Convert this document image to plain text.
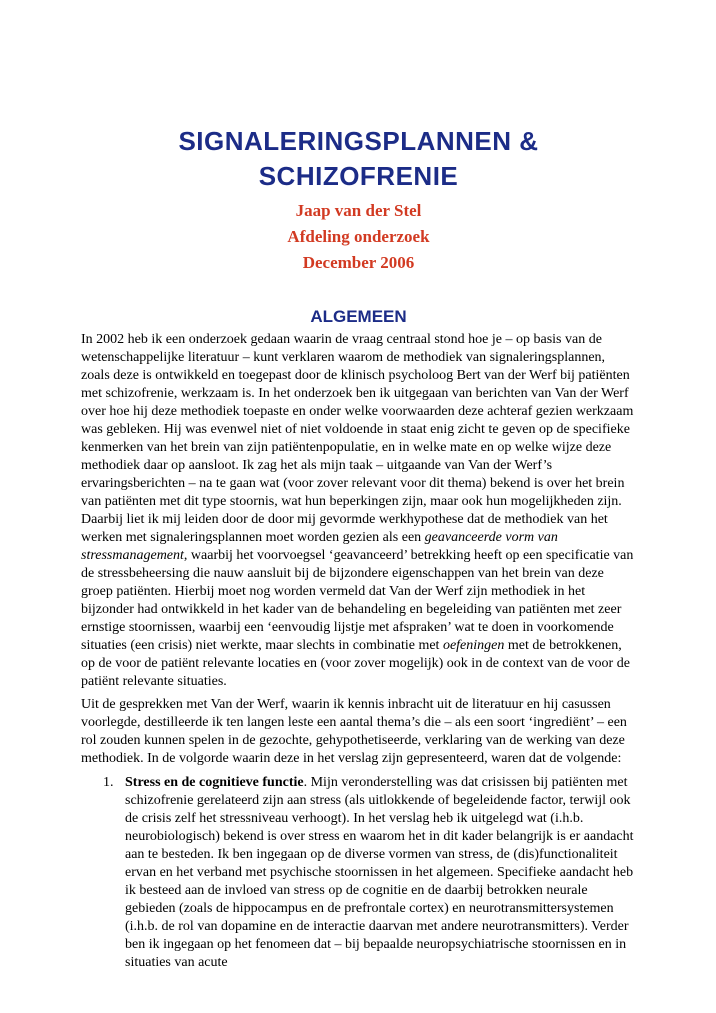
SIGNALERINGSPLANNEN &
SCHIZOFRENIE
Jaap van der Stel
Afdeling onderzoek
December 2006
ALGEMEEN

In 2002 heb ik een onderzoek gedaan waarin de vraag centraal stond hoe je – op basis van de wetenschappelijke literatuur – kunt verklaren waarom de methodiek van signaleringsplannen, zoals deze is ontwikkeld en toegepast door de klinisch psycholoog Bert van der Werf bij patiënten met schizofrenie, werkzaam is. In het onderzoek ben ik uitgegaan van berichten van Van der Werf over hoe hij deze methodiek toepaste en onder welke voorwaarden deze achteraf gezien werkzaam was gebleken. Hij was evenwel niet of niet voldoende in staat enig zicht te geven op de specifieke kenmerken van het brein van zijn patiëntenpopulatie, en in welke mate en op welke wijze deze methodiek daar op aansloot. Ik zag het als mijn taak – uitgaande van Van der Werf’s ervaringsberichten – na te gaan wat (voor zover relevant voor dit thema) bekend is over het brein van patiënten met dit type stoornis, wat hun beperkingen zijn, maar ook hun mogelijkheden zijn. Daarbij liet ik mij leiden door de door mij gevormde werkhypothese dat de methodiek van het werken met signaleringsplannen moet worden gezien als een geavanceerde vorm van stressmanagement, waarbij het voorvoegsel ‘geavanceerd’ betrekking heeft op een specificatie van de stressbeheersing die nauw aansluit bij de bijzondere eigenschappen van het brein van deze groep patiënten. Hierbij moet nog worden vermeld dat Van der Werf zijn methodiek in het bijzonder had ontwikkeld in het kader van de behandeling en begeleiding van patiënten met zeer ernstige stoornissen, waarbij een ‘eenvoudig lijstje met afspraken’ wat te doen in voorkomende situaties (een crisis) niet werkte, maar slechts in combinatie met oefeningen met de betrokkenen, op de voor de patiënt relevante locaties en (voor zover mogelijk) ook in de context van de voor de patiënt relevante situaties.

Uit de gesprekken met Van der Werf, waarin ik kennis inbracht uit de literatuur en hij casussen voorlegde, destilleerde ik ten langen leste een aantal thema’s die – als een soort ‘ingrediënt’ – een rol zouden kunnen spelen in de gezochte, gehypothetiseerde, verklaring van de werking van deze methodiek. In de volgorde waarin deze in het verslag zijn gepresenteerd, waren dat de volgende:

1. Stress en de cognitieve functie. Mijn veronderstelling was dat crisissen bij patiënten met schizofrenie gerelateerd zijn aan stress (als uitlokkende of begeleidende factor, terwijl ook de crisis zelf het stressniveau verhoogt). In het verslag heb ik uitgelegd wat (i.h.b. neurobiologisch) bekend is over stress en waarom het in dit kader belangrijk is er aandacht aan te besteden. Ik ben ingegaan op de diverse vormen van stress, de (dis)functionaliteit ervan en het verband met psychische stoornissen in het algemeen. Specifieke aandacht heb ik besteed aan de invloed van stress op de cognitie en de daarbij betrokken neurale gebieden (zoals de hippocampus en de prefrontale cortex) en neurotransmittersystemen (i.h.b. de rol van dopamine en de interactie daarvan met andere neurotransmitters). Verder ben ik ingegaan op het fenomeen dat – bij bepaalde neuropsychiatrische stoornissen en in situaties van acute
